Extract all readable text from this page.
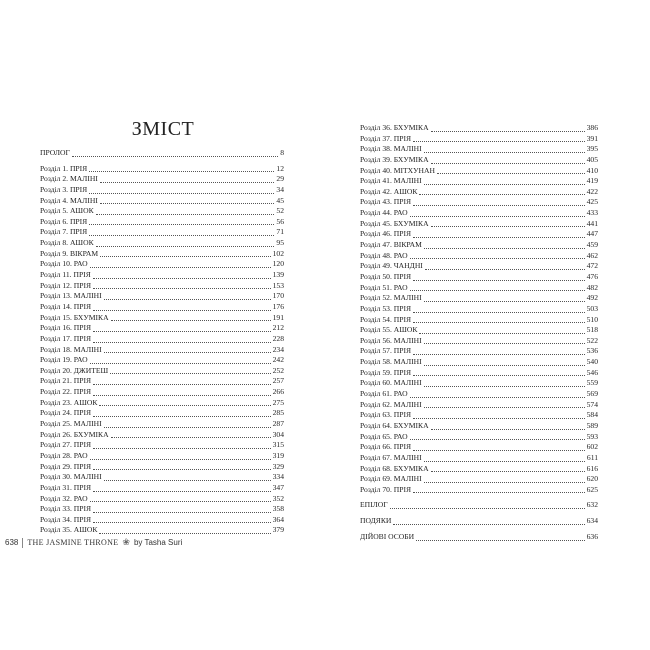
ЗМІСТ
ПРОЛОГ	8
Розділ 1. ПРІЯ	12
Розділ 2. МАЛІНІ	29
Розділ 3. ПРІЯ	34
Розділ 4. МАЛІНІ	45
Розділ 5. АШОК	52
Розділ 6. ПРІЯ	56
Розділ 7. ПРІЯ	71
Розділ 8. АШОК	95
Розділ 9. ВІКРАМ	102
Розділ 10. РАО	120
Розділ 11. ПРІЯ	139
Розділ 12. ПРІЯ	153
Розділ 13. МАЛІНІ	170
Розділ 14. ПРІЯ	176
Розділ 15. БХУМІКА	191
Розділ 16. ПРІЯ	212
Розділ 17. ПРІЯ	228
Розділ 18. МАЛІНІ	234
Розділ 19. РАО	242
Розділ 20. ДЖИТЕШ	252
Розділ 21. ПРІЯ	257
Розділ 22. ПРІЯ	266
Розділ 23. АШОК	275
Розділ 24. ПРІЯ	285
Розділ 25. МАЛІНІ	287
Розділ 26. БХУМІКА	304
Розділ 27. ПРІЯ	315
Розділ 28. РАО	319
Розділ 29. ПРІЯ	329
Розділ 30. МАЛІНІ	334
Розділ 31. ПРІЯ	347
Розділ 32. РАО	352
Розділ 33. ПРІЯ	358
Розділ 34. ПРІЯ	364
Розділ 35. АШОК	379
Розділ 36. БХУМІКА	386
Розділ 37. ПРІЯ	391
Розділ 38. МАЛІНІ	395
Розділ 39. БХУМІКА	405
Розділ 40. МІТХУНАН	410
Розділ 41. МАЛІНІ	419
Розділ 42. АШОК	422
Розділ 43. ПРІЯ	425
Розділ 44. РАО	433
Розділ 45. БХУМІКА	441
Розділ 46. ПРІЯ	447
Розділ 47. ВІКРАМ	459
Розділ 48. РАО	462
Розділ 49. ЧАНДНІ	472
Розділ 50. ПРІЯ	476
Розділ 51. РАО	482
Розділ 52. МАЛІНІ	492
Розділ 53. ПРІЯ	503
Розділ 54. ПРІЯ	510
Розділ 55. АШОК	518
Розділ 56. МАЛІНІ	522
Розділ 57. ПРІЯ	536
Розділ 58. МАЛІНІ	540
Розділ 59. ПРІЯ	546
Розділ 60. МАЛІНІ	559
Розділ 61. РАО	569
Розділ 62. МАЛІНІ	574
Розділ 63. ПРІЯ	584
Розділ 64. БХУМІКА	589
Розділ 65. РАО	593
Розділ 66. ПРІЯ	602
Розділ 67. МАЛІНІ	611
Розділ 68. БХУМІКА	616
Розділ 69. МАЛІНІ	620
Розділ 70. ПРІЯ	625
ЕПІЛОГ	632
ПОДЯКИ	634
ДІЙОВІ ОСОБИ	636
638 THE JASMINE THRONE ❀ by Tasha Suri
